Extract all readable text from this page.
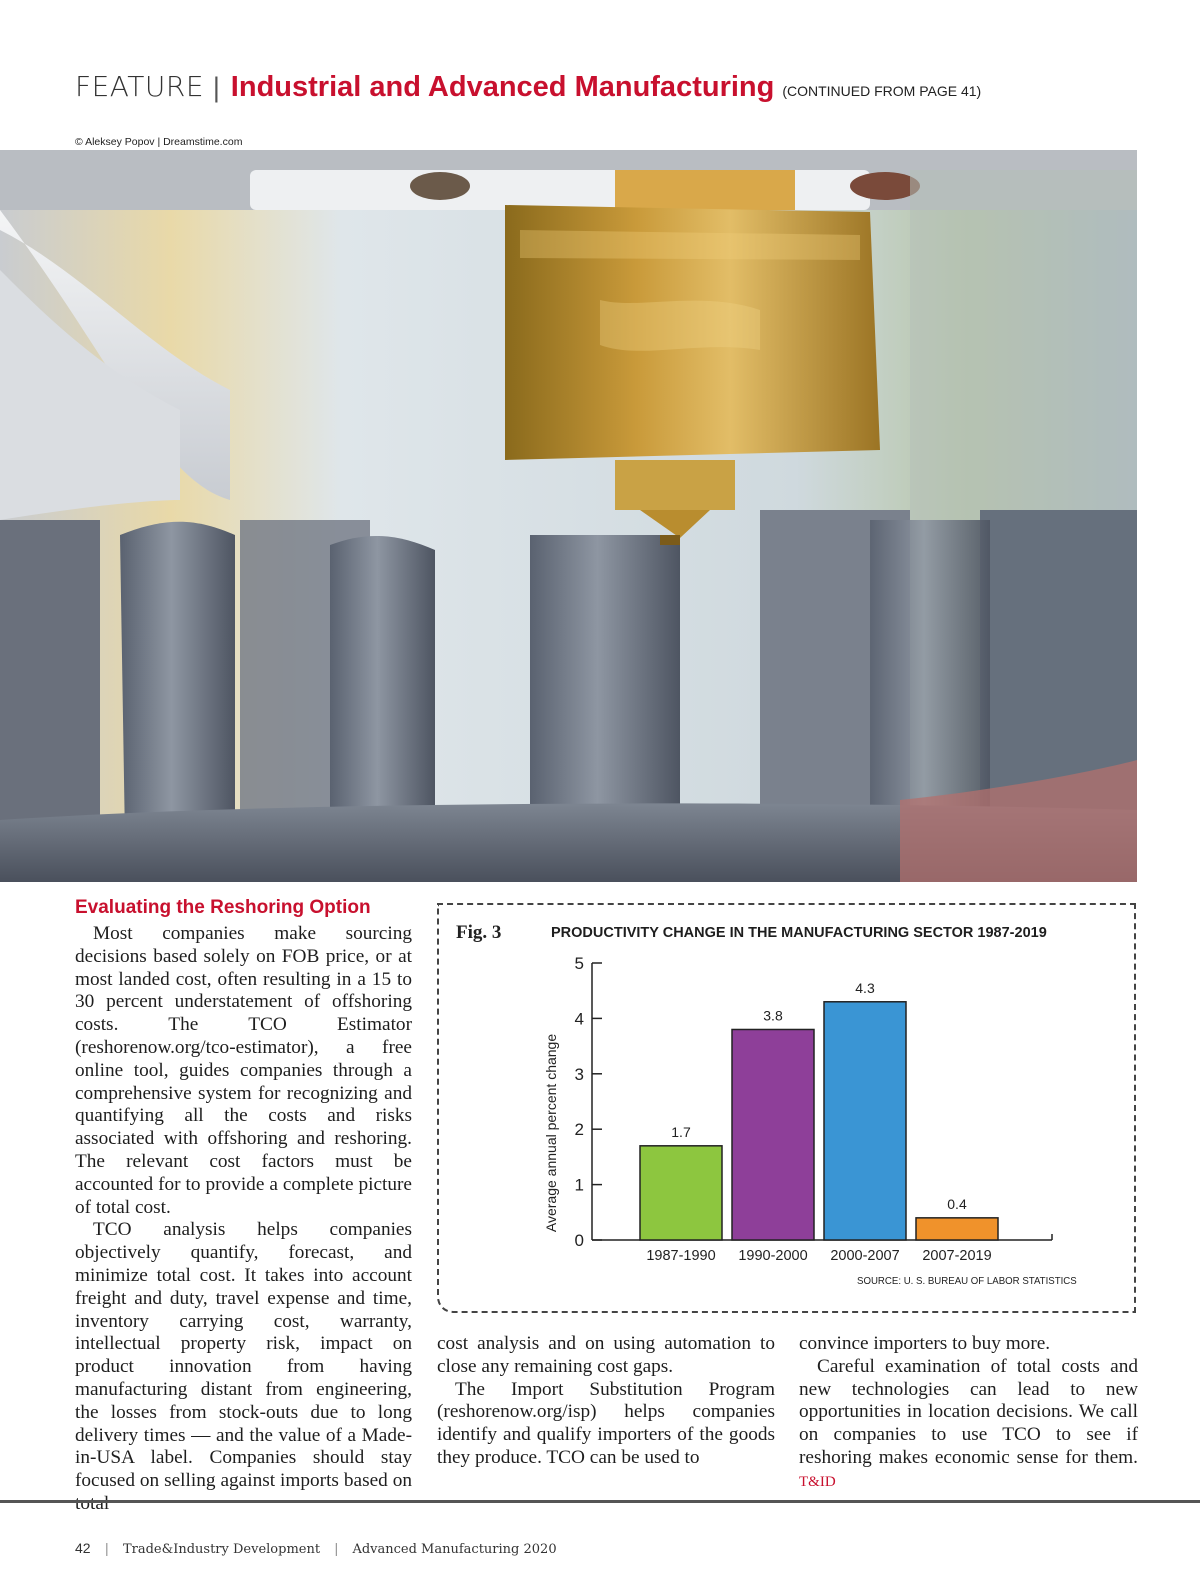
FEATURE | Industrial and Advanced Manufacturing (CONTINUED FROM PAGE 41)
© Aleksey Popov | Dreamstime.com
Evaluating the Reshoring Option

Most companies make sourcing decisions based solely on FOB price, or at most landed cost, often resulting in a 15 to 30 percent understatement of offshoring costs. The TCO Estimator (reshorenow.org/tco-estimator), a free online tool, guides companies through a comprehensive system for recognizing and quantifying all the costs and risks associated with offshoring and reshoring. The relevant cost factors must be accounted for to provide a complete picture of total cost.

TCO analysis helps companies objectively quantify, forecast, and minimize total cost. It takes into account freight and duty, travel expense and time, inventory carrying cost, warranty, intellectual property risk, impact on product innovation from having manufacturing distant from engineering, the losses from stock-outs due to long delivery times — and the value of a Made-in-USA label. Companies should stay focused on selling against imports based on total

Fig. 3	PRODUCTIVITY CHANGE IN THE MANUFACTURING SECTOR 1987-2019
Average annual percent change
0
1
2
3
4
5
1.7
1987-1990
3.8
1990-2000
4.3
2000-2007
0.4
2007-2019
SOURCE: U. S. BUREAU OF LABOR STATISTICS

cost analysis and on using automation to close any remaining cost gaps.

The Import Substitution Program (reshorenow.org/isp) helps companies identify and qualify importers of the goods they produce. TCO can be used to

convince importers to buy more.

Careful examination of total costs and new technologies can lead to new opportunities in location decisions. We call on companies to use TCO to see if reshoring makes economic sense for them. T&ID

42 | Trade&Industry Development | Advanced Manufacturing 2020
